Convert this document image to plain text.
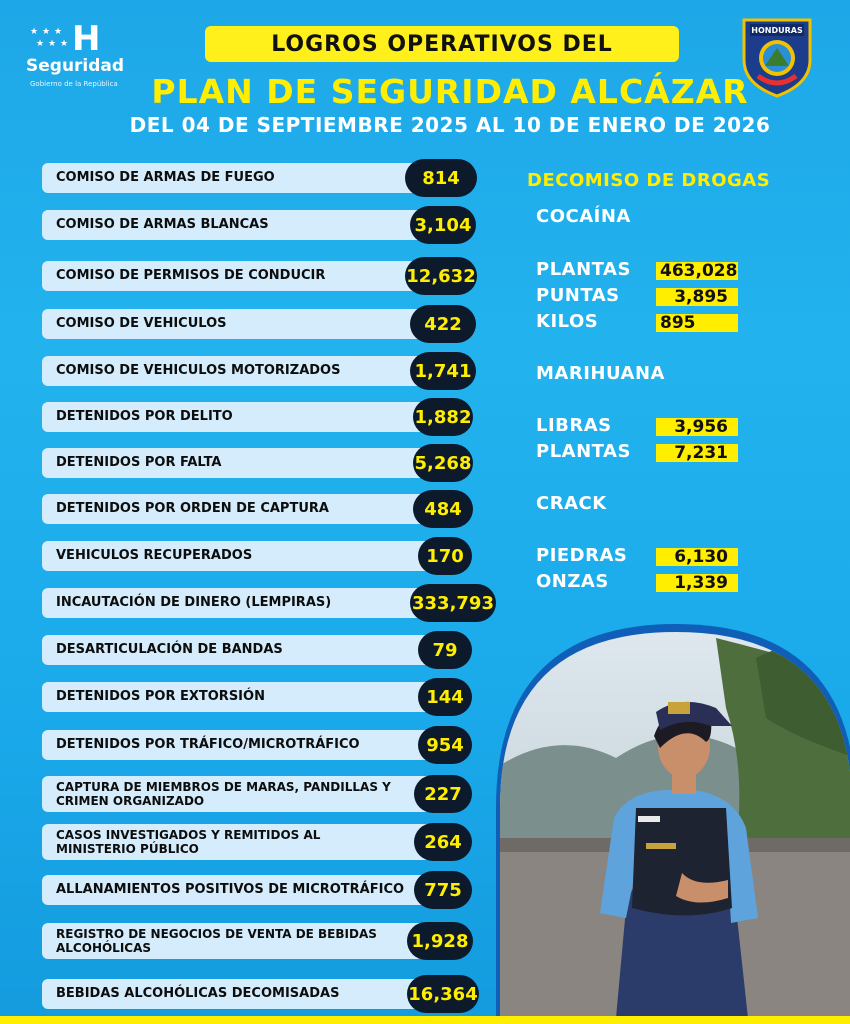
★ ★ ★
★ ★ ★ H
Seguridad
Gobierno de la República
LOGROS OPERATIVOS DEL
PLAN DE SEGURIDAD ALCÁZAR
DEL 04 DE SEPTIEMBRE 2025 AL 10 DE ENERO DE 2026
HONDURAS
COMISO DE ARMAS DE FUEGO	814
COMISO DE ARMAS BLANCAS	3,104
COMISO DE PERMISOS DE CONDUCIR	12,632
COMISO DE VEHICULOS	422
COMISO DE VEHICULOS MOTORIZADOS	1,741
DETENIDOS POR DELITO	1,882
DETENIDOS POR FALTA	5,268
DETENIDOS POR ORDEN DE CAPTURA	484
VEHICULOS RECUPERADOS	170
INCAUTACIÓN DE DINERO (LEMPIRAS)	333,793
DESARTICULACIÓN DE BANDAS	79
DETENIDOS POR EXTORSIÓN	144
DETENIDOS POR TRÁFICO/MICROTRÁFICO	954
CAPTURA DE MIEMBROS DE MARAS, PANDILLAS Y CRIMEN ORGANIZADO	227
CASOS INVESTIGADOS Y REMITIDOS AL MINISTERIO PÚBLICO	264
ALLANAMIENTOS POSITIVOS DE MICROTRÁFICO	775
REGISTRO DE NEGOCIOS DE VENTA DE BEBIDAS ALCOHÓLICAS	1,928
BEBIDAS ALCOHÓLICAS DECOMISADAS	16,364
DECOMISO DE DROGAS
COCAÍNA
PLANTAS 463,028
PUNTAS	3,895
KILOS	895
MARIHUANA
LIBRAS	3,956
PLANTAS	7,231
CRACK
PIEDRAS	6,130
ONZAS	1,339
